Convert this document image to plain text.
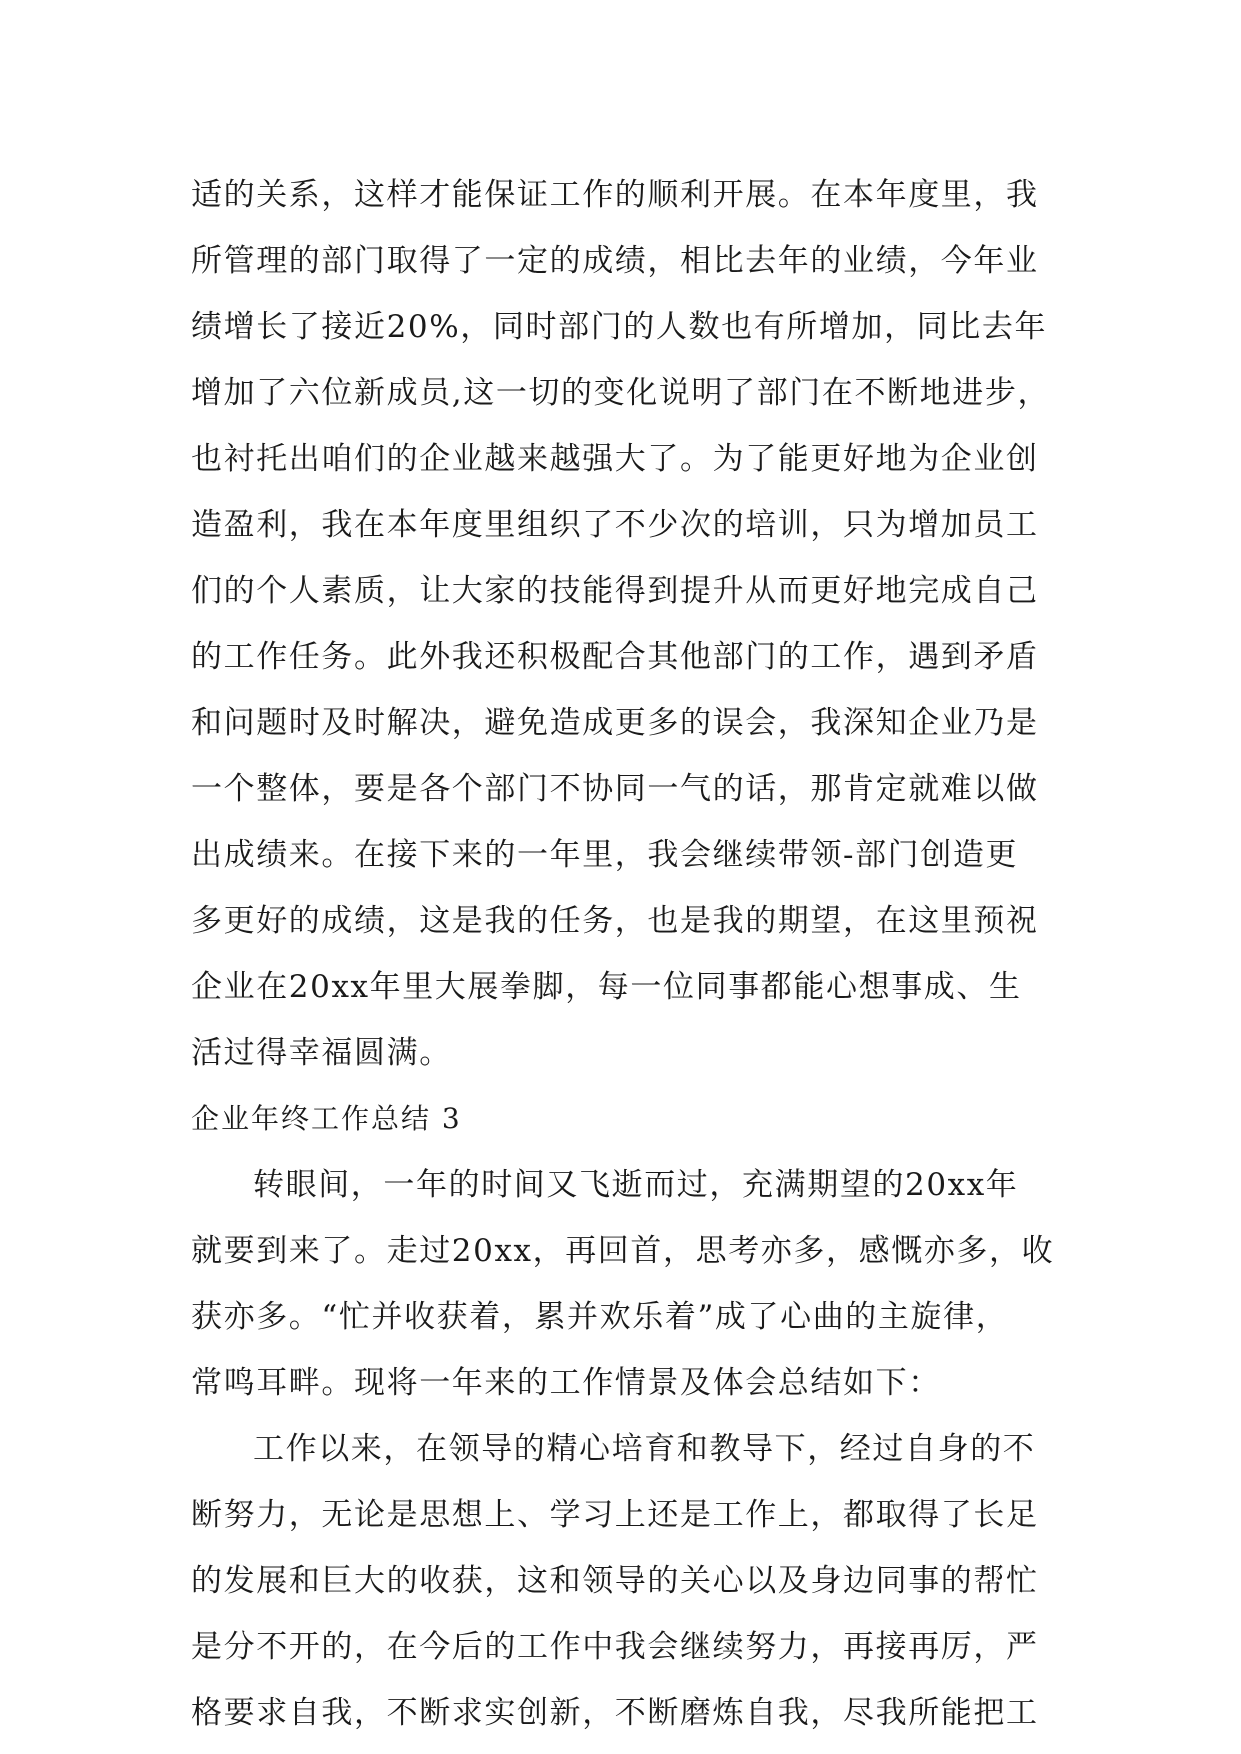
适的关系，这样才能保证工作的顺利开展。在本年度里，我
所管理的部门取得了一定的成绩，相比去年的业绩，今年业
绩增长了接近20%，同时部门的人数也有所增加，同比去年
增加了六位新成员,这一切的变化说明了部门在不断地进步，
也衬托出咱们的企业越来越强大了。为了能更好地为企业创
造盈利，我在本年度里组织了不少次的培训，只为增加员工
们的个人素质，让大家的技能得到提升从而更好地完成自己
的工作任务。此外我还积极配合其他部门的工作，遇到矛盾
和问题时及时解决，避免造成更多的误会，我深知企业乃是
一个整体，要是各个部门不协同一气的话，那肯定就难以做
出成绩来。在接下来的一年里，我会继续带领-部门创造更
多更好的成绩，这是我的任务，也是我的期望，在这里预祝
企业在20xx年里大展拳脚，每一位同事都能心想事成、生
活过得幸福圆满。
企业年终工作总结 3
转眼间，一年的时间又飞逝而过，充满期望的20xx年
就要到来了。走过20xx，再回首，思考亦多，感慨亦多，收
获亦多。“忙并收获着，累并欢乐着”成了心曲的主旋律，
常鸣耳畔。现将一年来的工作情景及体会总结如下：
工作以来，在领导的精心培育和教导下，经过自身的不
断努力，无论是思想上、学习上还是工作上，都取得了长足
的发展和巨大的收获，这和领导的关心以及身边同事的帮忙
是分不开的，在今后的工作中我会继续努力，再接再厉，严
格要求自我，不断求实创新，不断磨炼自我，尽我所能把工
